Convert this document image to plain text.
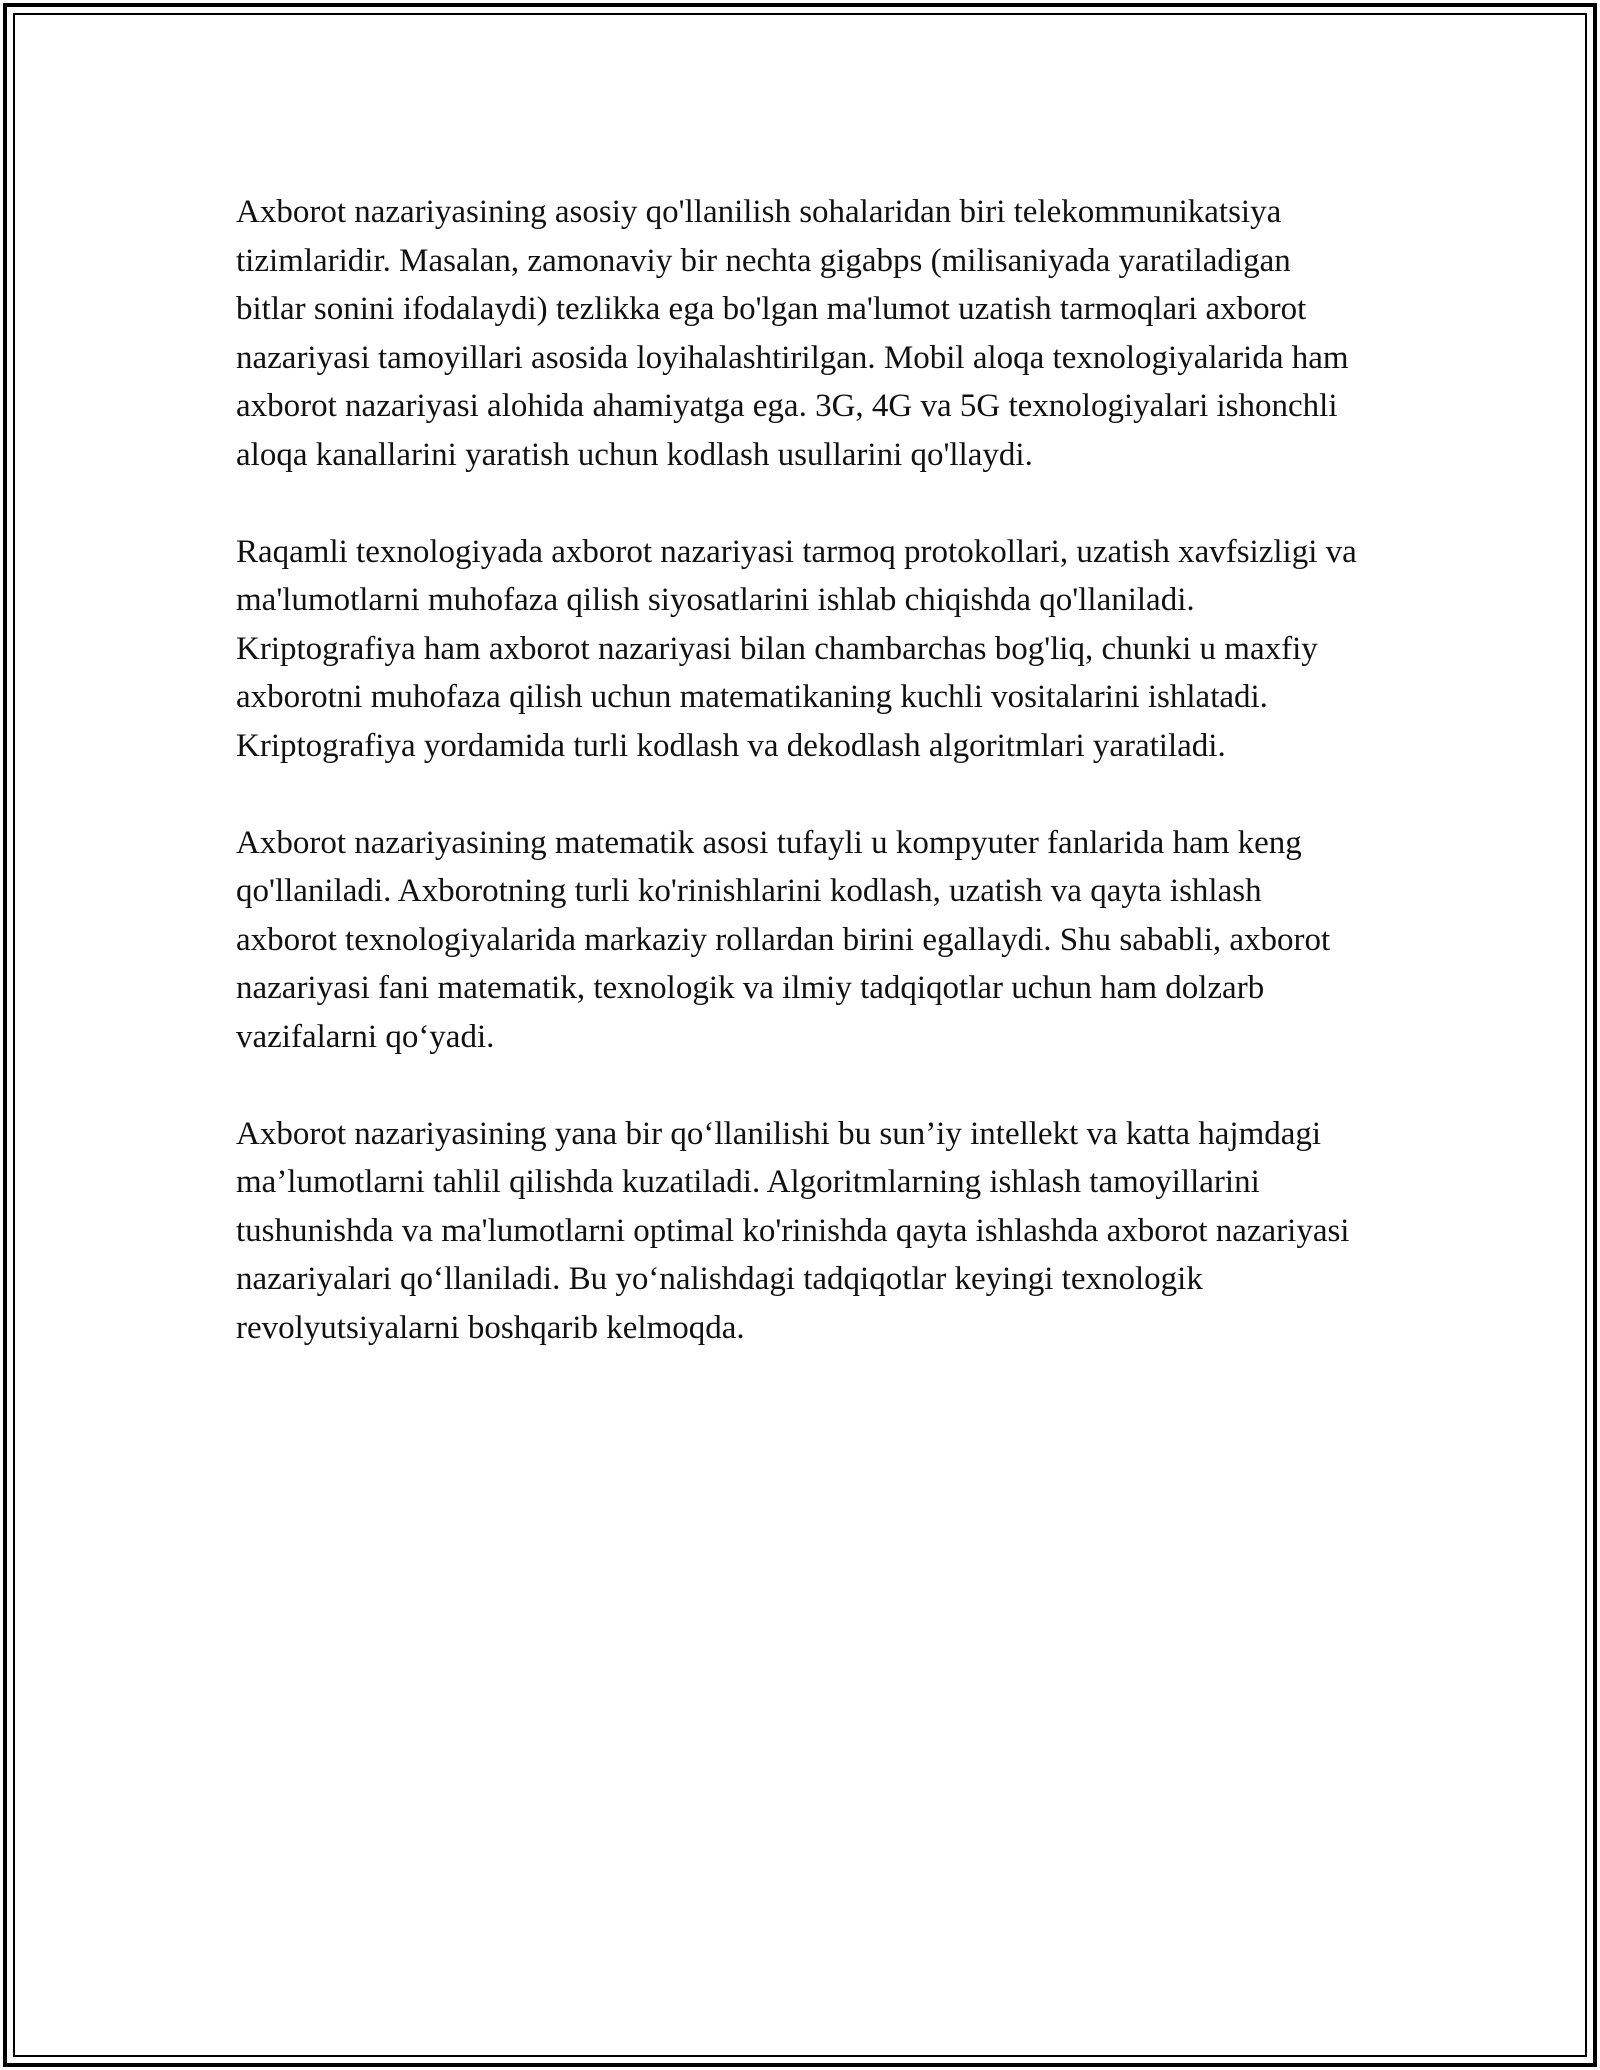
Axborot nazariyasining asosiy qo'llanilish sohalaridan biri telekommunikatsiya tizimlaridir. Masalan, zamonaviy bir nechta gigabps (milisaniyada yaratiladigan bitlar sonini ifodalaydi) tezlikka ega bo'lgan ma'lumot uzatish tarmoqlari axborot nazariyasi tamoyillari asosida loyihalashtirilgan. Mobil aloqa texnologiyalarida ham axborot nazariyasi alohida ahamiyatga ega. 3G, 4G va 5G texnologiyalari ishonchli aloqa kanallarini yaratish uchun kodlash usullarini qo'llaydi.

Raqamli texnologiyada axborot nazariyasi tarmoq protokollari, uzatish xavfsizligi va ma'lumotlarni muhofaza qilish siyosatlarini ishlab chiqishda qo'llaniladi. Kriptografiya ham axborot nazariyasi bilan chambarchas bog'liq, chunki u maxfiy axborotni muhofaza qilish uchun matematikaning kuchli vositalarini ishlatadi. Kriptografiya yordamida turli kodlash va dekodlash algoritmlari yaratiladi.

Axborot nazariyasining matematik asosi tufayli u kompyuter fanlarida ham keng qo'llaniladi. Axborotning turli ko'rinishlarini kodlash, uzatish va qayta ishlash axborot texnologiyalarida markaziy rollardan birini egallaydi. Shu sababli, axborot nazariyasi fani matematik, texnologik va ilmiy tadqiqotlar uchun ham dolzarb vazifalarni qo‘yadi.

Axborot nazariyasining yana bir qo‘llanilishi bu sun’iy intellekt va katta hajmdagi ma’lumotlarni tahlil qilishda kuzatiladi. Algoritmlarning ishlash tamoyillarini tushunishda va ma'lumotlarni optimal ko'rinishda qayta ishlashda axborot nazariyasi nazariyalari qo‘llaniladi. Bu yo‘nalishdagi tadqiqotlar keyingi texnologik revolyutsiyalarni boshqarib kelmoqda.
